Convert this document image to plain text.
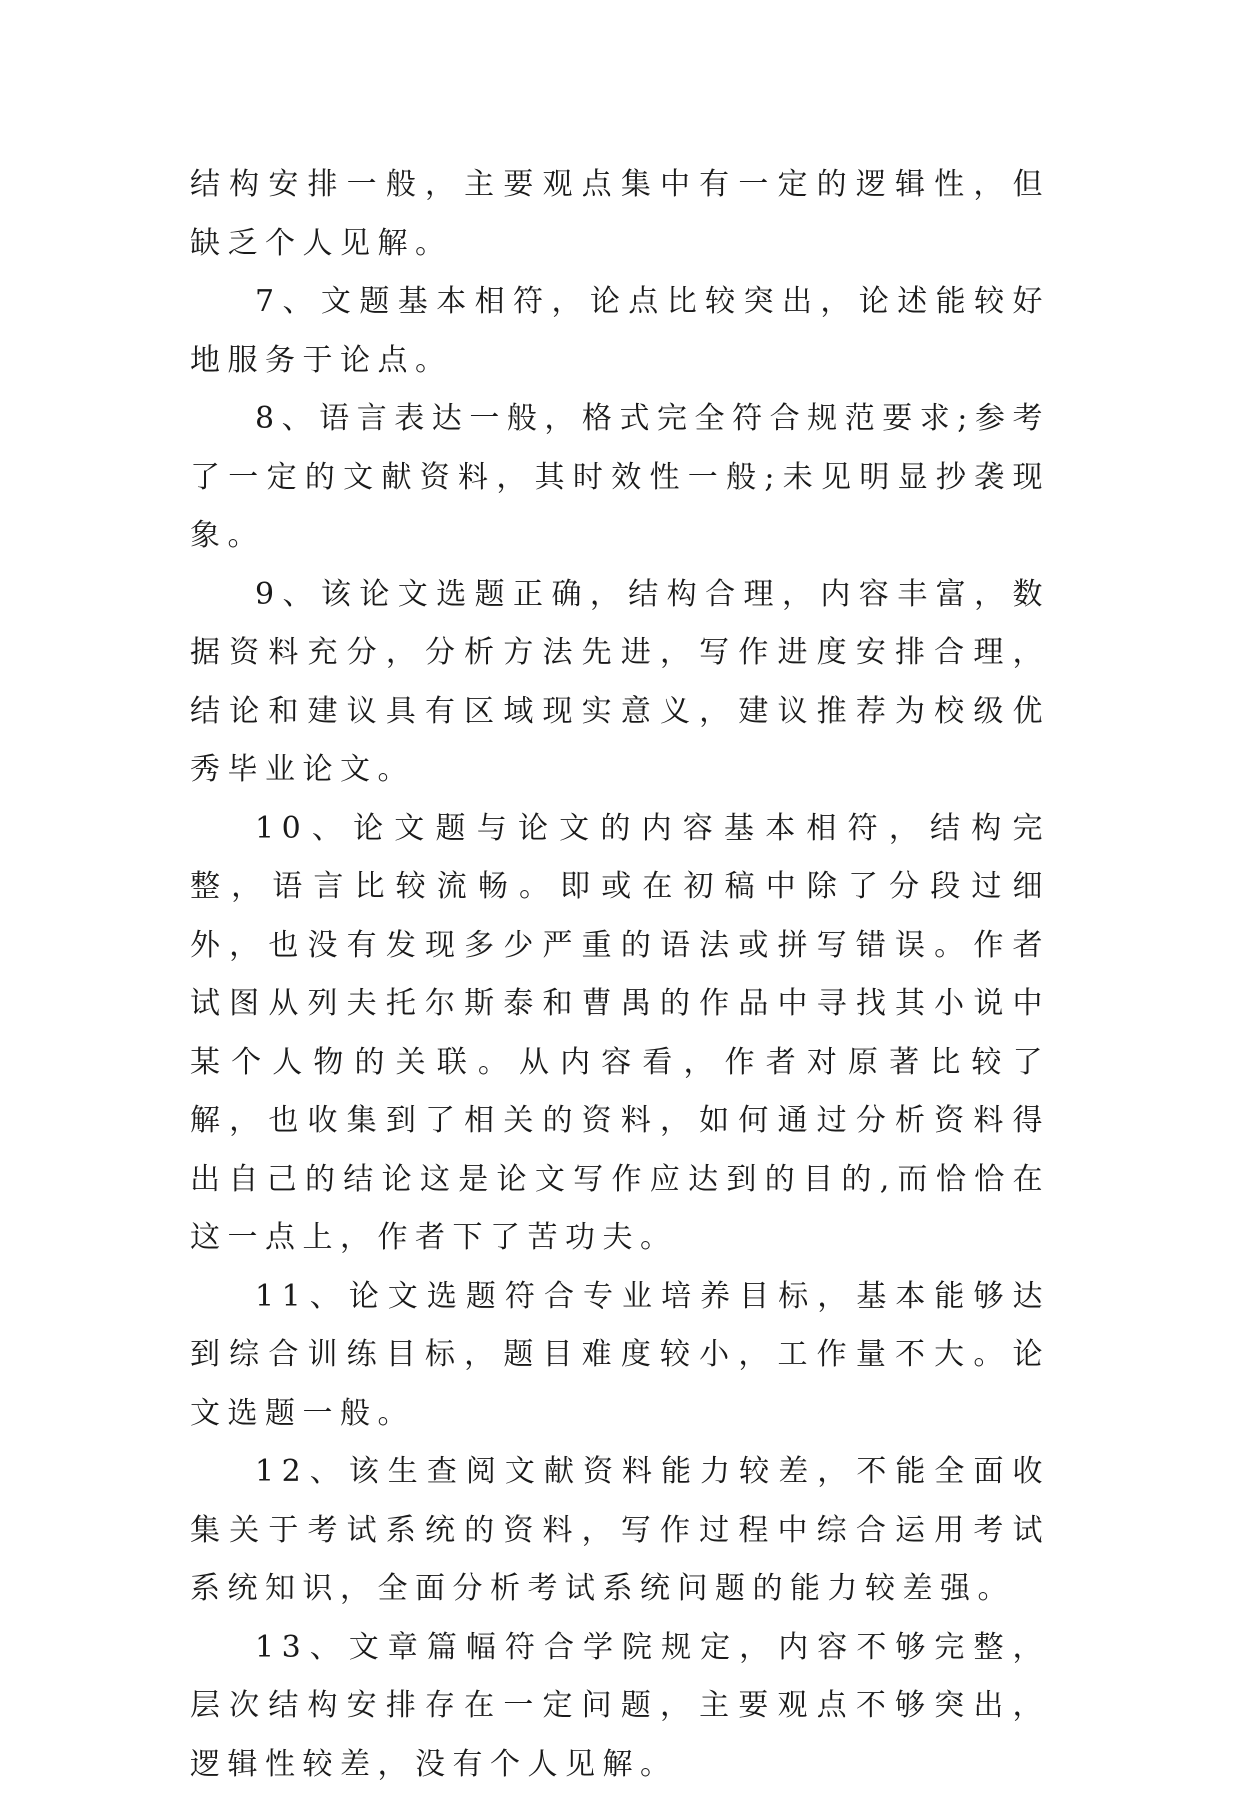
结构安排一般，主要观点集中有一定的逻辑性，但缺乏个人见解。

7、文题基本相符，论点比较突出，论述能较好地服务于论点。

8、语言表达一般，格式完全符合规范要求;参考了一定的文献资料，其时效性一般;未见明显抄袭现象。

9、该论文选题正确，结构合理，内容丰富，数据资料充分，分析方法先进，写作进度安排合理，结论和建议具有区域现实意义，建议推荐为校级优秀毕业论文。

10、论文题与论文的内容基本相符，结构完整，语言比较流畅。即或在初稿中除了分段过细外，也没有发现多少严重的语法或拼写错误。作者试图从列夫托尔斯泰和曹禺的作品中寻找其小说中某个人物的关联。从内容看，作者对原著比较了解，也收集到了相关的资料，如何通过分析资料得出自己的结论这是论文写作应达到的目的,而恰恰在这一点上，作者下了苦功夫。

11、论文选题符合专业培养目标，基本能够达到综合训练目标，题目难度较小，工作量不大。论文选题一般。

12、该生查阅文献资料能力较差，不能全面收集关于考试系统的资料，写作过程中综合运用考试系统知识，全面分析考试系统问题的能力较差强。

13、文章篇幅符合学院规定，内容不够完整，层次结构安排存在一定问题，主要观点不够突出，逻辑性较差，没有个人见解。
